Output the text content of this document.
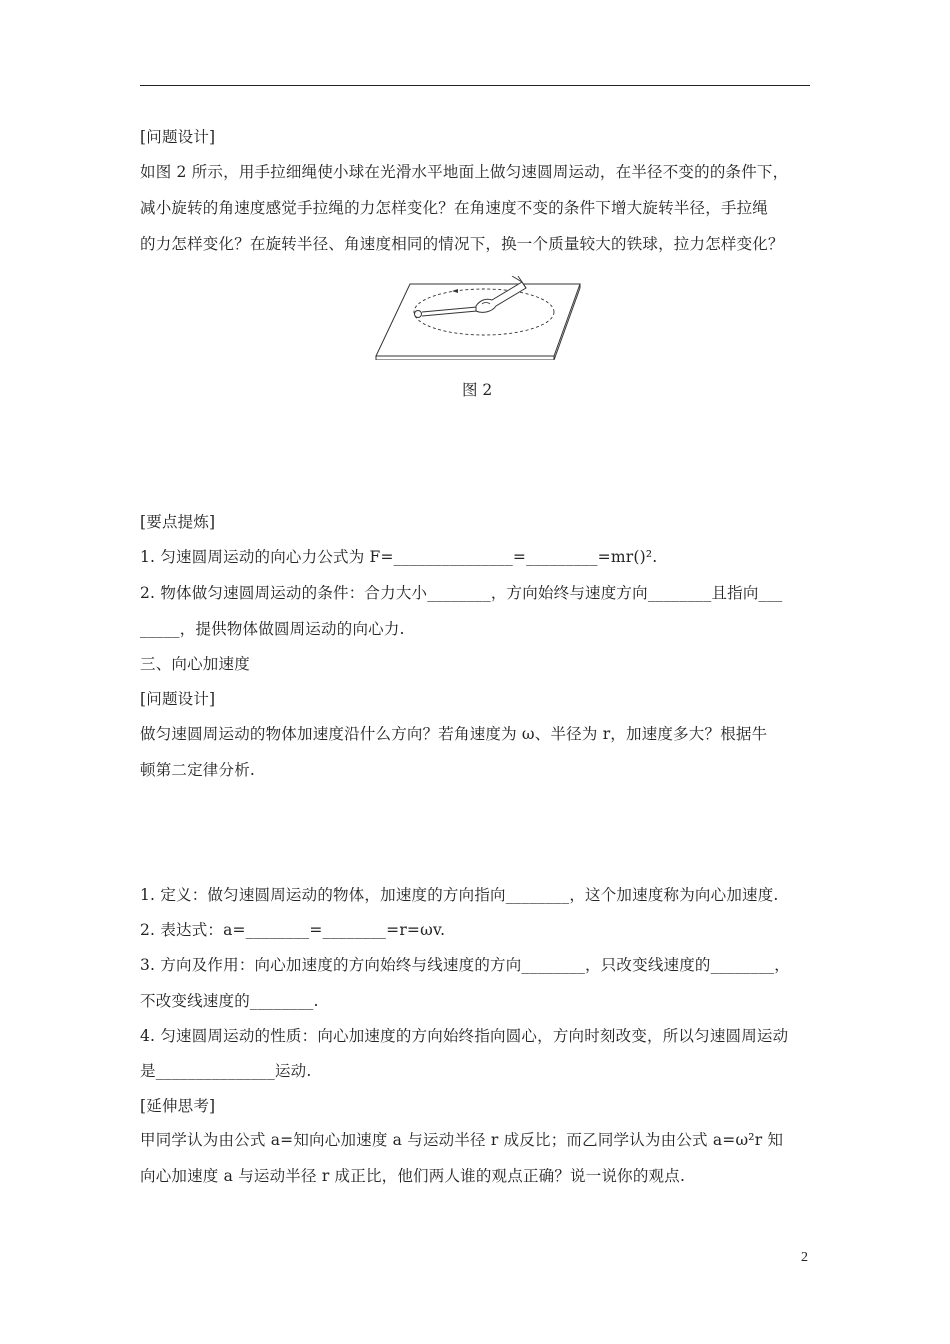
[问题设计]
如图 2 所示，用手拉细绳使小球在光滑水平地面上做匀速圆周运动，在半径不变的的条件下，
减小旋转的角速度感觉手拉绳的力怎样变化？在角速度不变的条件下增大旋转半径，手拉绳
的力怎样变化？在旋转半径、角速度相同的情况下，换一个质量较大的铁球，拉力怎样变化？
图 2
[要点提炼]
1. 匀速圆周运动的向心力公式为 F=_______________=_________=mr()².
2. 物体做匀速圆周运动的条件：合力大小________，方向始终与速度方向________且指向___
_____，提供物体做圆周运动的向心力.
三、向心加速度
[问题设计]
做匀速圆周运动的物体加速度沿什么方向？若角速度为 ω、半径为 r，加速度多大？根据牛
顿第二定律分析.
1. 定义：做匀速圆周运动的物体，加速度的方向指向________，这个加速度称为向心加速度.
2. 表达式：a=________=________=r=ωv.
3. 方向及作用：向心加速度的方向始终与线速度的方向________，只改变线速度的________，
不改变线速度的________.
4. 匀速圆周运动的性质：向心加速度的方向始终指向圆心，方向时刻改变，所以匀速圆周运动
是_______________运动.
[延伸思考]
甲同学认为由公式 a=知向心加速度 a 与运动半径 r 成反比；而乙同学认为由公式 a=ω²r 知
向心加速度 a 与运动半径 r 成正比，他们两人谁的观点正确？说一说你的观点.
2
